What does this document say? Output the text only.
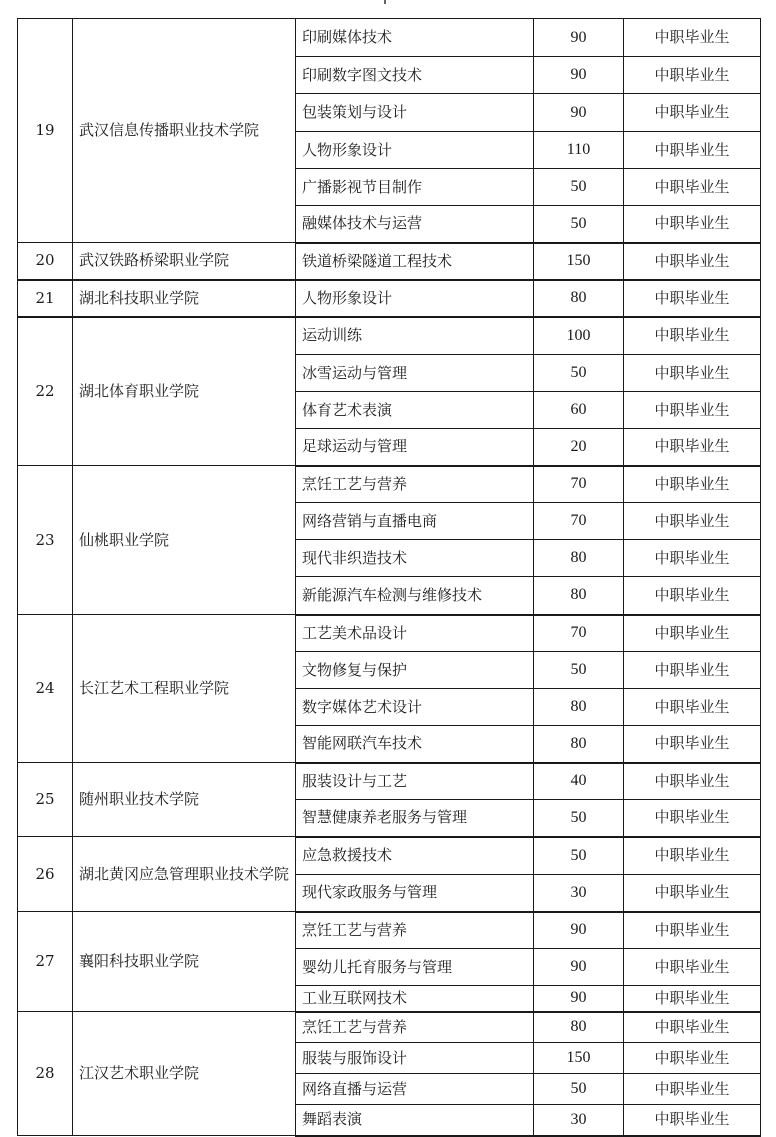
19	武汉信息传播职业技术学院	印刷媒体技术	90	中职毕业生
		印刷数字图文技术	90	中职毕业生
		包装策划与设计	90	中职毕业生
		人物形象设计	110	中职毕业生
		广播影视节目制作	50	中职毕业生
		融媒体技术与运营	50	中职毕业生
20	武汉铁路桥梁职业学院	铁道桥梁隧道工程技术	150	中职毕业生
21	湖北科技职业学院	人物形象设计	80	中职毕业生
22	湖北体育职业学院	运动训练	100	中职毕业生
		冰雪运动与管理	50	中职毕业生
		体育艺术表演	60	中职毕业生
		足球运动与管理	20	中职毕业生
23	仙桃职业学院	烹饪工艺与营养	70	中职毕业生
		网络营销与直播电商	70	中职毕业生
		现代非织造技术	80	中职毕业生
		新能源汽车检测与维修技术	80	中职毕业生
24	长江艺术工程职业学院	工艺美术品设计	70	中职毕业生
		文物修复与保护	50	中职毕业生
		数字媒体艺术设计	80	中职毕业生
		智能网联汽车技术	80	中职毕业生
25	随州职业技术学院	服装设计与工艺	40	中职毕业生
		智慧健康养老服务与管理	50	中职毕业生
26	湖北黄冈应急管理职业技术学院	应急救援技术	50	中职毕业生
		现代家政服务与管理	30	中职毕业生
27	襄阳科技职业学院	烹饪工艺与营养	90	中职毕业生
		婴幼儿托育服务与管理	90	中职毕业生
		工业互联网技术	90	中职毕业生
28	江汉艺术职业学院	烹饪工艺与营养	80	中职毕业生
		服装与服饰设计	150	中职毕业生
		网络直播与运营	50	中职毕业生
		舞蹈表演	30	中职毕业生
